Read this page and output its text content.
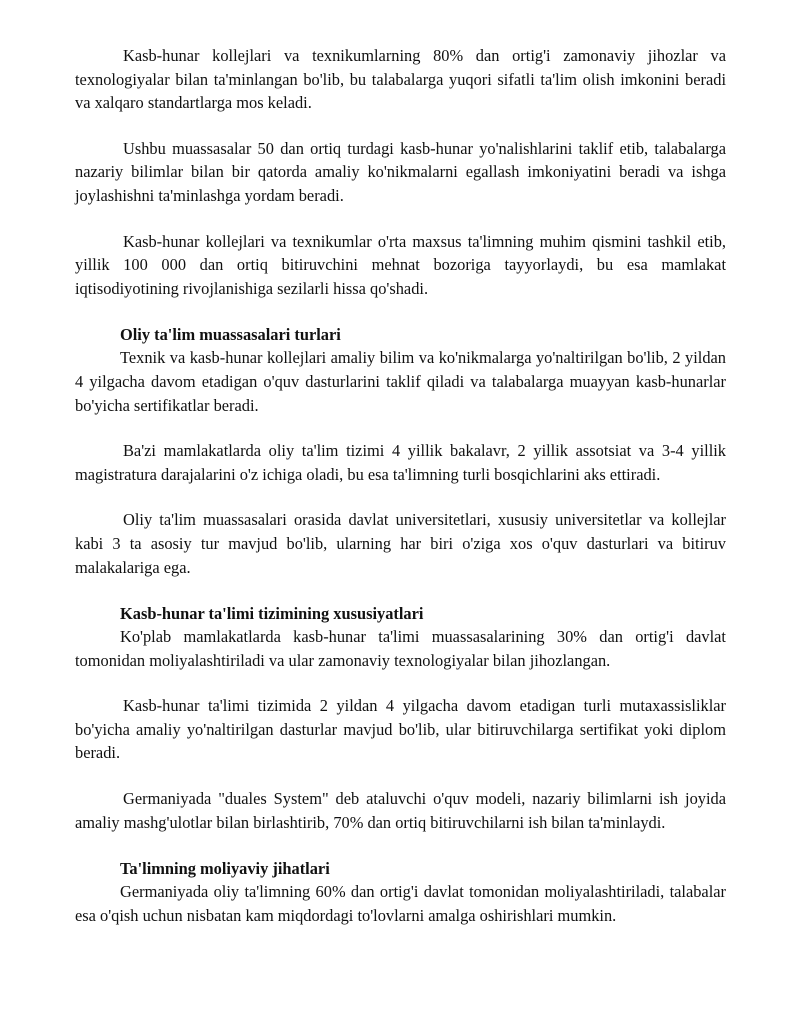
Kasb-hunar kollejlari va texnikumlarning 80% dan ortig'i zamonaviy jihozlar va texnologiyalar bilan ta'minlangan bo'lib, bu talabalarga yuqori sifatli ta'lim olish imkonini beradi va xalqaro standartlarga mos keladi.

Ushbu muassasalar 50 dan ortiq turdagi kasb-hunar yo'nalishlarini taklif etib, talabalarga nazariy bilimlar bilan bir qatorda amaliy ko'nikmalarni egallash imkoniyatini beradi va ishga joylashishni ta'minlashga yordam beradi.

Kasb-hunar kollejlari va texnikumlar o'rta maxsus ta'limning muhim qismini tashkil etib, yillik 100 000 dan ortiq bitiruvchini mehnat bozoriga tayyorlaydi, bu esa mamlakat iqtisodiyotining rivojlanishiga sezilarli hissa qo'shadi.

Oliy ta'lim muassasalari turlari

Texnik va kasb-hunar kollejlari amaliy bilim va ko'nikmalarga yo'naltirilgan bo'lib, 2 yildan 4 yilgacha davom etadigan o'quv dasturlarini taklif qiladi va talabalarga muayyan kasb-hunarlar bo'yicha sertifikatlar beradi.

Ba'zi mamlakatlarda oliy ta'lim tizimi 4 yillik bakalavr, 2 yillik assotsiat va 3-4 yillik magistratura darajalarini o'z ichiga oladi, bu esa ta'limning turli bosqichlarini aks ettiradi.

Oliy ta'lim muassasalari orasida davlat universitetlari, xususiy universitetlar va kollejlar kabi 3 ta asosiy tur mavjud bo'lib, ularning har biri o'ziga xos o'quv dasturlari va bitiruv malakalariga ega.

Kasb-hunar ta'limi tizimining xususiyatlari

Ko'plab mamlakatlarda kasb-hunar ta'limi muassasalarining 30% dan ortig'i davlat tomonidan moliyalashtiriladi va ular zamonaviy texnologiyalar bilan jihozlangan.

Kasb-hunar ta'limi tizimida 2 yildan 4 yilgacha davom etadigan turli mutaxassisliklar bo'yicha amaliy yo'naltirilgan dasturlar mavjud bo'lib, ular bitiruvchilarga sertifikat yoki diplom beradi.

Germaniyada "duales System" deb ataluvchi o'quv modeli, nazariy bilimlarni ish joyida amaliy mashg'ulotlar bilan birlashtirib, 70% dan ortiq bitiruvchilarni ish bilan ta'minlaydi.

Ta'limning moliyaviy jihatlari

Germaniyada oliy ta'limning 60% dan ortig'i davlat tomonidan moliyalashtiriladi, talabalar esa o'qish uchun nisbatan kam miqdordagi to'lovlarni amalga oshirishlari mumkin.
